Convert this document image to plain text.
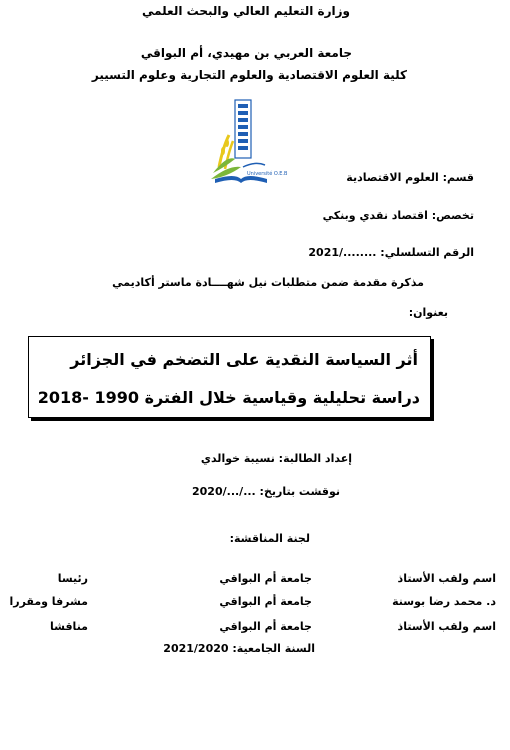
وزارة التعليم العالي والبحث العلمي
جامعة العربي بن مهيدي، أم البواقي
كلية العلوم الاقتصادية والعلوم التجارية وعلوم التسيير
Université O.E.B	قسم: العلوم الاقتصادية
تخصص: اقتصاد نقدي وبنكي
الرقم التسلسلي: ......../2021
مذكرة مقدمة ضمن متطلبات نيل شهــــادة ماستر أكاديمي
بعنوان:
أثر السياسة النقدية على التضخم في الجزائر
دراسة تحليلية وقياسية خلال الفترة 1990 -2018
إعداد الطالبة: نسيبة خوالدي
نوقشت بتاريخ: .../.../2020
لجنة المناقشة:
اسم ولقب الأستاذ
جامعة أم البواقي
رئيسا
د. محمد رضا بوسنة
جامعة أم البواقي
مشرفا ومقررا
اسم ولقب الأستاذ
جامعة أم البواقي
مناقشا
السنة الجامعية: 2021/2020
